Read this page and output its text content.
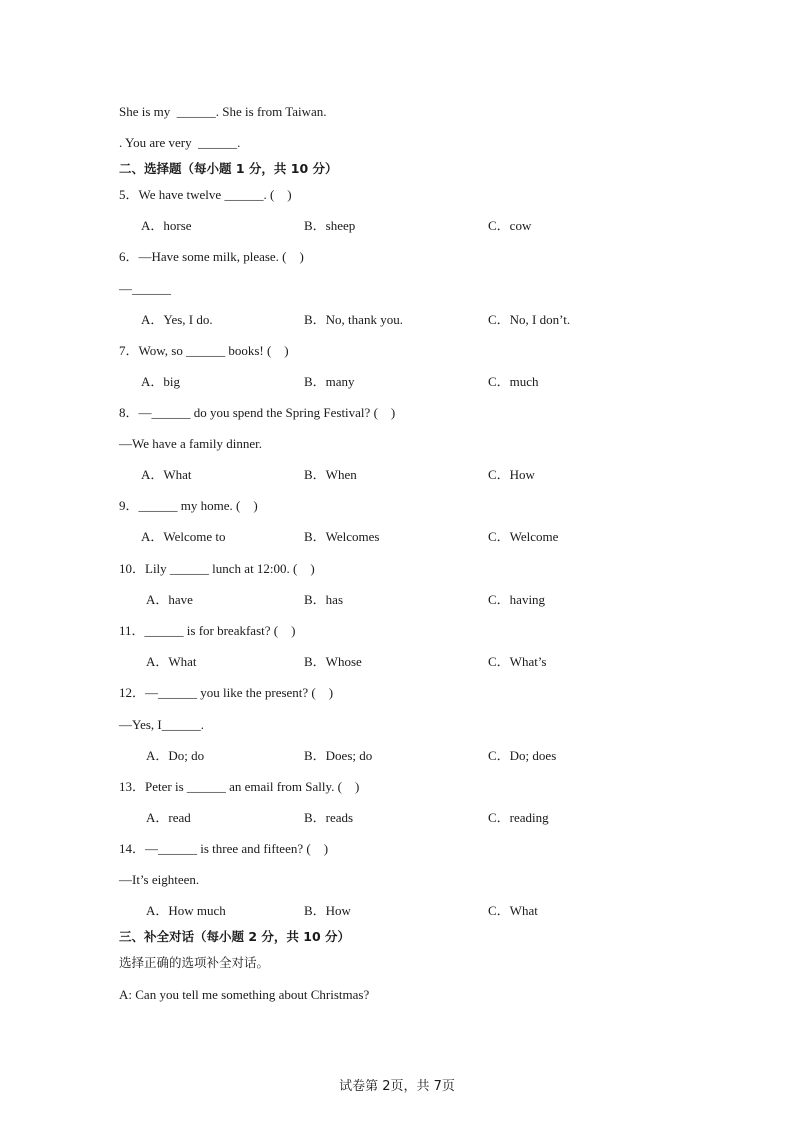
She is my  ______. She is from Taiwan.
. You are very  ______.
二、选择题（每小题 1 分，共 10 分）
5．We have twelve ______. (    )
A．horse	B．sheep	C．cow
6．—Have some milk, please. (    )
—______
A．Yes, I do.	B．No, thank you.	C．No, I don’t.
7．Wow, so ______ books! (    )
A．big	B．many	C．much
8．—______ do you spend the Spring Festival? (    )
—We have a family dinner.
A．What	B．When	C．How
9．______ my home. (    )
A．Welcome to	B．Welcomes	C．Welcome
10．Lily ______ lunch at 12:00. (    )
A．have	B．has	C．having
11．______ is for breakfast? (    )
A．What	B．Whose	C．What’s
12．—______ you like the present? (    )
—Yes, I______.
A．Do; do	B．Does; do	C．Do; does
13．Peter is ______ an email from Sally. (    )
A．read	B．reads	C．reading
14．—______ is three and fifteen? (    )
—It’s eighteen.
A．How much	B．How	C．What
三、补全对话（每小题 2 分，共 10 分）
选择正确的选项补全对话。
A: Can you tell me something about Christmas?
试卷第 2页，共 7页
